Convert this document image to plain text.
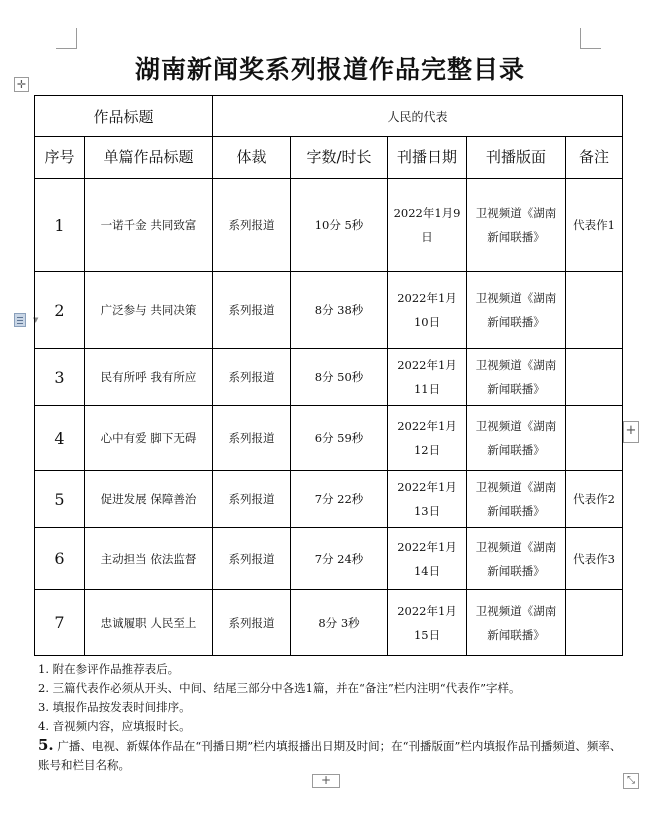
湖南新闻奖系列报道作品完整目录
✛
▼
作品标题		人民的代表				
序号	单篇作品标题	体裁	字数/时长	刊播日期	刊播版面	备注
1	一诺千金 共同致富	系列报道	10分 5秒	2022年1月9日	卫视频道《湖南新闻联播》	代表作1
2	广泛参与 共同决策	系列报道	8分 38秒	2022年1月10日	卫视频道《湖南新闻联播》	
3	民有所呼 我有所应	系列报道	8分 50秒	2022年1月11日	卫视频道《湖南新闻联播》	
4	心中有爱 脚下无碍	系列报道	6分 59秒	2022年1月12日	卫视频道《湖南新闻联播》	
5	促进发展 保障善治	系列报道	7分 22秒	2022年1月13日	卫视频道《湖南新闻联播》	代表作2
6	主动担当 依法监督	系列报道	7分 24秒	2022年1月14日	卫视频道《湖南新闻联播》	代表作3
7	忠诚履职 人民至上	系列报道	8分 3秒	2022年1月15日	卫视频道《湖南新闻联播》	
+
1. 附在参评作品推荐表后。
2. 三篇代表作必须从开头、中间、结尾三部分中各选1篇，并在“备注”栏内注明“代表作”字样。
3. 填报作品按发表时间排序。
4. 音视频内容，应填报时长。
5. 广播、电视、新媒体作品在“刊播日期”栏内填报播出日期及时间；在“刊播版面”栏内填报作品刊播频道、频率、账号和栏目名称。
+	⤡
